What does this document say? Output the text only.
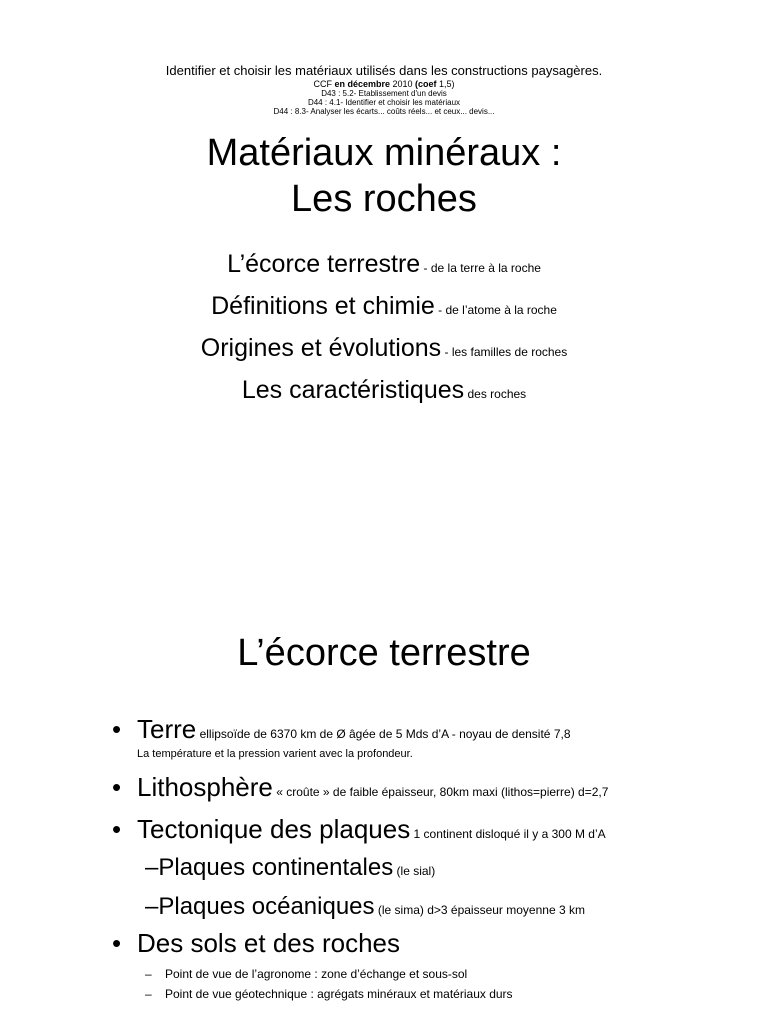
Identifier et choisir les matériaux utilisés dans les constructions paysagères.
CCF en décembre 2010 (coef 1,5)
D43 : 5.2- Etablissement d'un devis
D44 : 4.1- Identifier et choisir les matériaux
D44 : 8.3- Analyser les écarts... coûts réels... et ceux... devis...
Matériaux minéraux :
Les roches
L’écorce terrestre - de la terre à la roche
Définitions et chimie - de l’atome à la roche
Origines et évolutions - les familles de roches
Les caractéristiques des roches
L’écorce terrestre
• Terre ellipsoïde de 6370 km de Ø âgée de 5 Mds d’A - noyau de densité 7,8
La température et la pression varient avec la profondeur.
• Lithosphère « croûte » de faible épaisseur, 80km maxi (lithos=pierre) d=2,7
• Tectonique des plaques 1 continent disloqué il y a 300 M d’A
–Plaques continentales (le sial)
–Plaques océaniques (le sima) d>3 épaisseur moyenne 3 km
• Des sols et des roches
– Point de vue de l’agronome : zone d’échange et sous-sol
– Point de vue géotechnique : agrégats minéraux et matériaux durs
